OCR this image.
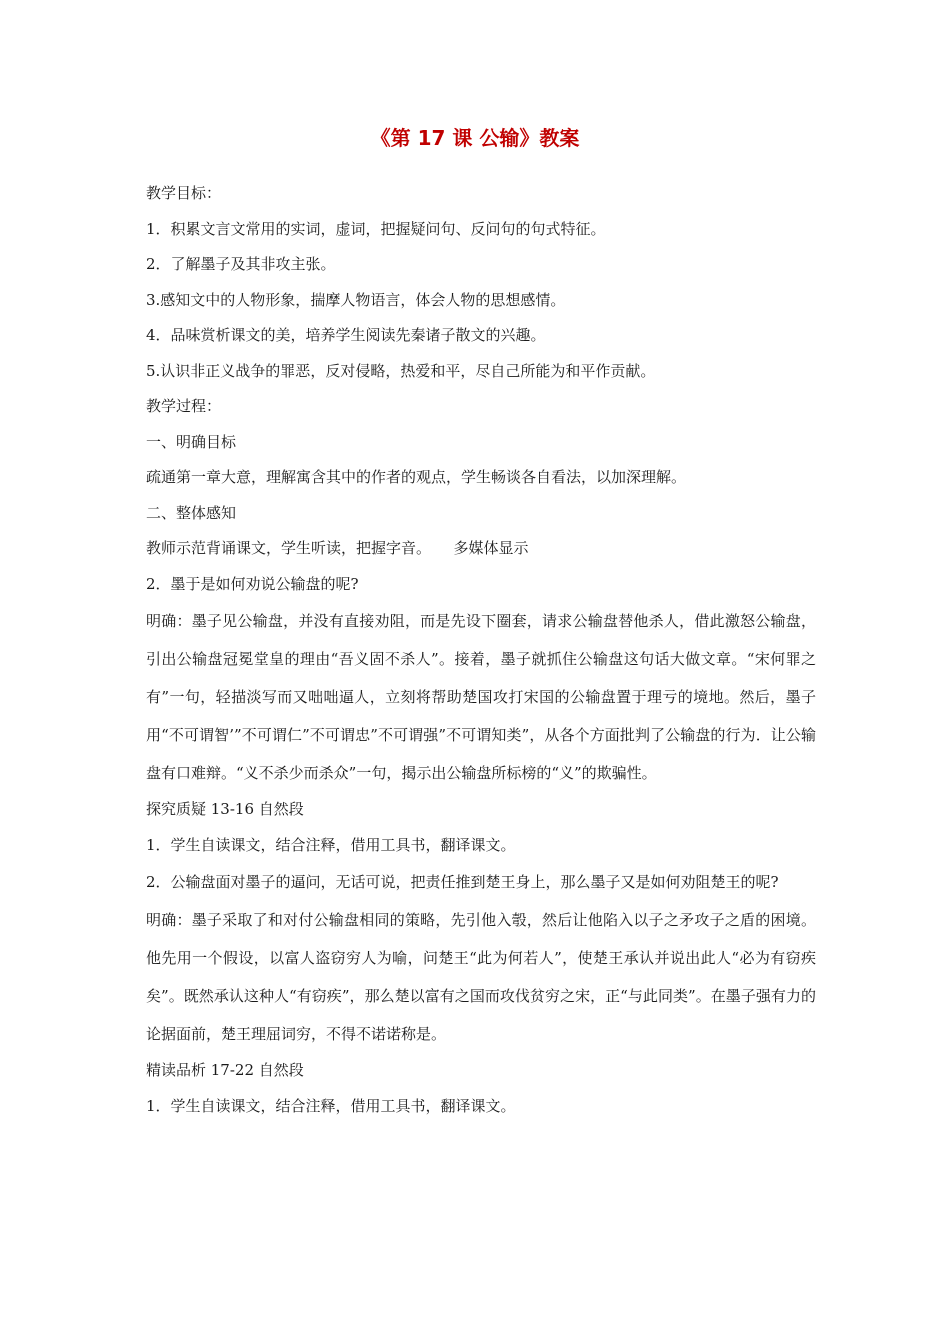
《第 17 课 公输》教案

教学目标：

1．积累文言文常用的实词，虚词，把握疑问句、反问句的句式特征。

2．了解墨子及其非攻主张。

3.感知文中的人物形象，揣摩人物语言，体会人物的思想感情。

4．品味赏析课文的美，培养学生阅读先秦诸子散文的兴趣。

5.认识非正义战争的罪恶，反对侵略，热爱和平，尽自己所能为和平作贡献。

教学过程：

一、明确目标

疏通第一章大意，理解寓含其中的作者的观点，学生畅谈各自看法，以加深理解。

二、整体感知

教师示范背诵课文，学生听读，把握字音。　　多媒体显示

2．墨于是如何劝说公输盘的呢?

明确：墨子见公输盘，并没有直接劝阻，而是先设下圈套，请求公输盘替他杀人，借此激怒公输盘，引出公输盘冠冕堂皇的理由“吾义固不杀人”。接着，墨子就抓住公输盘这句话大做文章。“宋何罪之有”一句，轻描淡写而又咄咄逼人，立刻将帮助楚国攻打宋国的公输盘置于理亏的境地。然后，墨子用“不可谓智’”不可谓仁”不可谓忠”不可谓强”不可谓知类”，从各个方面批判了公输盘的行为．让公输盘有口难辩。“义不杀少而杀众”一句，揭示出公输盘所标榜的“义”的欺骗性。

探究质疑 13-16 自然段

1．学生自读课文，结合注释，借用工具书，翻译课文。

2．公输盘面对墨子的逼问，无话可说，把责任推到楚王身上，那么墨子又是如何劝阻楚王的呢?

明确：墨子采取了和对付公输盘相同的策略，先引他入彀，然后让他陷入以子之矛攻子之盾的困境。他先用一个假设，以富人盗窃穷人为喻，问楚王“此为何若人”，使楚王承认并说出此人“必为有窃疾矣”。既然承认这种人“有窃疾”，那么楚以富有之国而攻伐贫穷之宋，正“与此同类”。在墨子强有力的论据面前，楚王理屈词穷，不得不诺诺称是。

精读品析 17-22 自然段

1．学生自读课文，结合注释，借用工具书，翻译课文。
